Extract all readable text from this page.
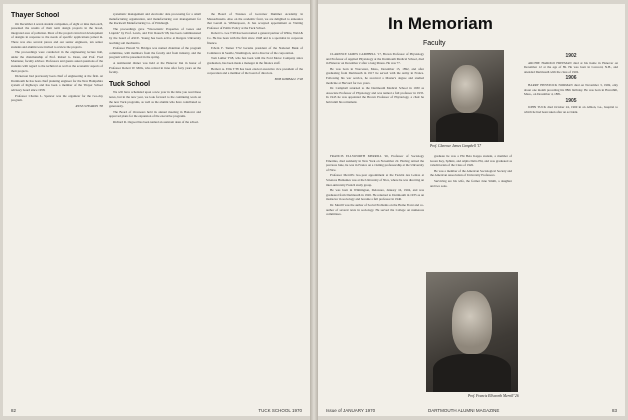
Thayer School

On December 4 seven student companies, of eight or nine men each, presented the results of their term design projects in the broad, integrated area of pollution. Most of the projects involved development of designs in response to the needs of specific applications joined in. There was also several pieces and our senior engineers, ten senior students and alumni were invited to review the projects.

The proceedings were conducted in the engineering lecture hall, under the chairmanship of Prof. Robert G. Dean, and Prof. Fred Montaner, faculty advisor. Professors and guests asked questions of the students with regard to the technical as well as the economic aspects of their projects.

Dickerson had previously been chief of engineering at the firm. At Dartmouth he has been chief planning engineer for the New Hampshire system of highways and has been a member of the Thayer School advisory board since 1958.

Professor Charles L. Spencer was the organizer for the two-day program.

RUSS STEARNS '38

systematic management and electronic data processing for a small manufacturing organization, and manufacturing cost management for the Rockwell Manufacturing Co. of Pittsburgh.

The proceedings gave "Viscoelastic Properties of Gases and Liquids" by Prof. Lewis, and Eric Rausch '68, has been commissioned by the board of ASCE. Young has been active at Rutgers University teaching soil mechanics.

Professor Harold W. Bridges was named chairman of the program committee, with members from the faculty and from industry, and the program will be presented in the spring.

A testimonial dinner was held at the Hanover Inn in honor of Professor Robert W. Mills, who retired in June after forty years on the faculty.

Tuck School

We will have scheduled upon a new year in the time you read these notes, but in the new year, we look forward to the continuing work on the new Tuck programs, as well as the alumni who have contributed so generously.

The Board of Overseers held its annual meeting in Hanover and approved plans for the expansion of the executive programs.

Richard R. Osgood has been named an assistant dean of the school.

the Board of Trustees of Governor Dummer Academy in Massachusetts. Also on the academic front, we are delighted to announce that Gerald A. Witherspoon, Jr. has accepted appointment as Visiting Professor of Public Policy at the Tuck School.

Robert G. Lee T'48 has been named a general partner of White, Weld & Co. He has been with the firm since 1948 and is a specialist in corporate finance.

Edwin F. Tanner T'52 became president of the National Bank of Commerce in Seattle, Washington, and a director of the corporation.

Tom Luther T'68, who has been with the Ford Motor Company since graduation, has been made a manager in the finance staff.

Herbert A. Ellis T'38 has been elected executive vice president of the corporation and a member of the board of directors.

BOB KIMBALL T'48
82	TUCK SCHOOL 1970
In Memoriam
Faculty

CLARENCE JAMES CAMPBELL '17, Brown Professor of Physiology and Professor of Applied Physiology at the Dartmouth Medical School, died in Hanover on December 2 after a long illness. He was 77.

He was born in Worcester, Mass., December 15, 1892, and after graduating from Dartmouth in 1917 he served with the Army in France. Following his war service, he received a Master's degree and studied medicine at Harvard for two years.

Dr. Campbell returned to the Dartmouth Medical School in 1930 as Associate Professor of Physiology and was named a full professor in 1935. In 1945 he was appointed the Brown Professor of Physiology, a chair he held until his retirement.

Prof. Clarence James Campbell '17

FRANCIS ELLSWORTH MERRILL '26, Professor of Sociology Emeritus, died suddenly in New York on November 22. Having retired the previous June, he was in France on a visiting professorship at the University of Nice.

Professor Merrill's two-year appointment at the Faculté des Lettres et Sciences Humaines was at the University of Nice, where he was directing an inter-university French study group.

He was born in Wilmington, Delaware, January 16, 1904, and was graduated from Dartmouth in 1926. He returned to Dartmouth in 1935 as an instructor in sociology and became a full professor in 1946.

Dr. Merrill was the author of Social Problems on the Home Front and co-author of several texts in sociology. He served the College on numerous committees.

graduate he was a Phi Beta Kappa student, a member of Green Key, Sphinx, and Alpha Delta Phi, and was graduated as valedictorian of the Class of 1926.

He was a member of the American Sociological Society and the American Association of University Professors.

Surviving are his wife, the former Jane Smith, a daughter and two sons.

Prof. Francis Ellsworth Merrill '26
1902

ARCHIE HAROLD FREEMAN died at his home in Hanover on December 12 at the age of 89. He was born in Concord, N.H., and attended Dartmouth with the class of 1902.

1906

HARRY HENSTOCK NORMAN died on November 3, 1969, only about one month preceding his 88th birthday. He was born in Haverhill, Mass., on December 4, 1881.

1905

JOHN TUCK died October 24, 1969 in an Albion, Ga., hospital to which he had been taken after an accident.

Issue of JANUARY 1970	DARTMOUTH ALUMNI MAGAZINE	83
